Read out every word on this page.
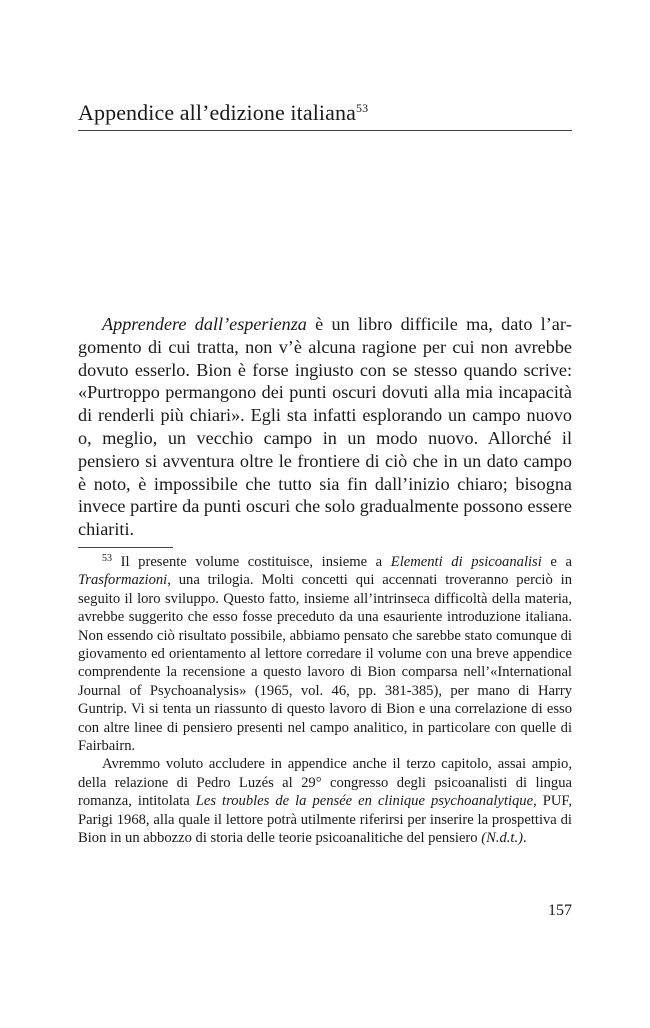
Appendice all’edizione italiana$^{53}$

Apprendere dall’esperienza è un libro difficile ma, dato l’argomento di cui tratta, non v’è alcuna ragione per cui non avrebbe dovuto esserlo. Bion è forse ingiusto con se stesso quando scrive: «Purtroppo permangono dei punti oscuri dovuti alla mia incapacità di renderli più chiari». Egli sta infatti esplorando un campo nuovo o, meglio, un vecchio campo in un modo nuovo. Allorché il pensiero si avventura oltre le frontiere di ciò che in un dato campo è noto, è impossibile che tutto sia fin dall’inizio chiaro; bisogna invece partire da punti oscuri che solo gradualmente possono essere chiariti.

$^{53}$ Il presente volume costituisce, insieme a Elementi di psicoanalisi e a Trasformazioni, una trilogia. Molti concetti qui accennati troveranno perciò in seguito il loro sviluppo. Questo fatto, insieme all’intrinseca difficoltà della materia, avrebbe suggerito che esso fosse preceduto da una esauriente introduzione italiana. Non essendo ciò risultato possibile, abbiamo pensato che sarebbe stato comunque di giovamento ed orientamento al lettore corredare il volume con una breve appendice comprendente la recensione a questo lavoro di Bion comparsa nell’«International Journal of Psychoanalysis» (1965, vol. 46, pp. 381-385), per mano di Harry Guntrip. Vi si tenta un riassunto di questo lavoro di Bion e una correlazione di esso con altre linee di pensiero presenti nel campo analitico, in particolare con quelle di Fairbairn.

Avremmo voluto accludere in appendice anche il terzo capitolo, assai ampio, della relazione di Pedro Luzés al 29° congresso degli psicoanalisti di lingua romanza, intitolata Les troubles de la pensée en clinique psychoanalytique, PUF, Parigi 1968, alla quale il lettore potrà utilmente riferirsi per inserire la prospettiva di Bion in un abbozzo di storia delle teorie psicoanalitiche del pensiero (N.d.t.).

157
